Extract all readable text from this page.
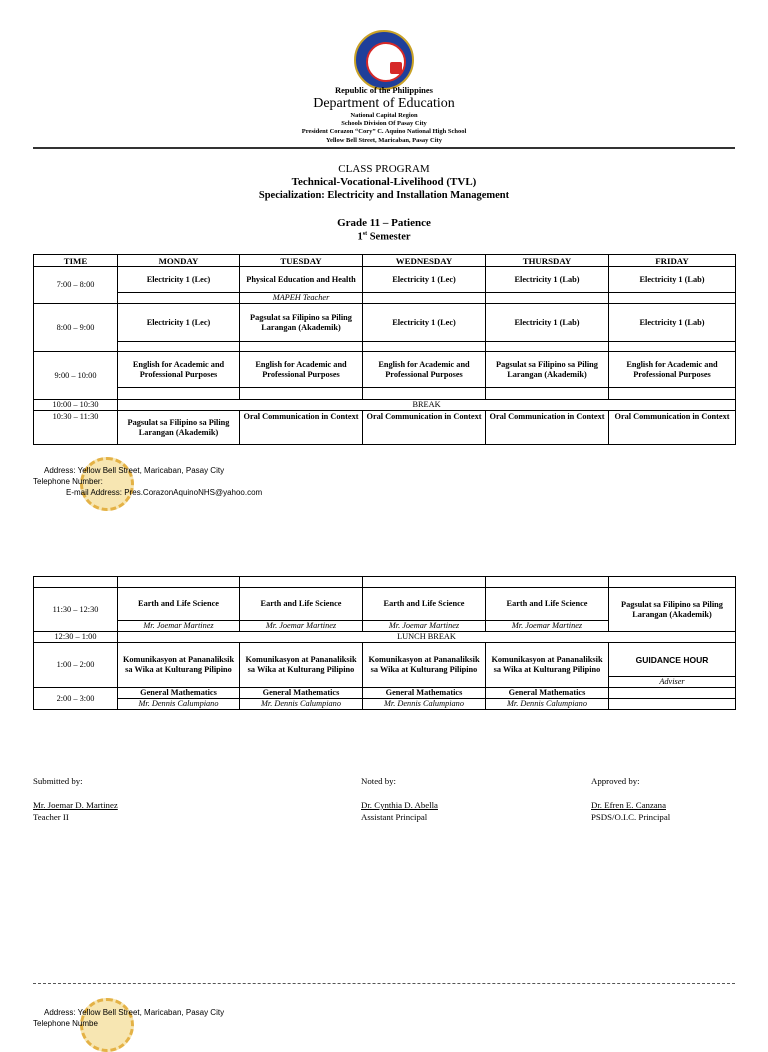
Republic of the Philippines
Department of Education
National Capital Region
Schools Division Of Pasay City
President Corazon “Cory” C. Aquino National High School
Yellow Bell Street, Maricaban, Pasay City
CLASS PROGRAM
Technical-Vocational-Livelihood (TVL)
Specialization: Electricity and Installation Management
Grade 11 – Patience
1st Semester
TIME	MONDAY	TUESDAY	WEDNESDAY	THURSDAY	FRIDAY
7:00 – 8:00	Electricity 1 (Lec)	Physical Education and Health	Electricity 1 (Lec)	Electricity 1 (Lab)	Electricity 1 (Lab)
		MAPEH Teacher			
8:00 – 9:00	Electricity 1 (Lec)	Pagsulat sa Filipino sa Piling Larangan (Akademik)	Electricity 1 (Lec)	Electricity 1 (Lab)	Electricity 1 (Lab)

9:00 – 10:00	English for Academic and Professional Purposes	English for Academic and Professional Purposes	English for Academic and Professional Purposes	Pagsulat sa Filipino sa Piling Larangan (Akademik)	English for Academic and Professional Purposes

10:00 – 10:30	BREAK				
10:30 – 11:30	Pagsulat sa Filipino sa Piling Larangan (Akademik)	Oral Communication in Context	Oral Communication in Context	Oral Communication in Context	Oral Communication in Context
Address: Yellow Bell Street, Maricaban, Pasay City
Telephone Number:
E-mail Address: Pres.CorazonAquinoNHS@yahoo.com

11:30 – 12:30	Earth and Life Science	Earth and Life Science	Earth and Life Science	Earth and Life Science	Pagsulat sa Filipino sa Piling Larangan (Akademik)
	Mr. Joemar Martinez	Mr. Joemar Martinez	Mr. Joemar Martinez	Mr. Joemar Martinez	
12:30 – 1:00	LUNCH BREAK				
1:00 – 2:00	Komunikasyon at Pananaliksik sa Wika at Kulturang Pilipino	Komunikasyon at Pananaliksik sa Wika at Kulturang Pilipino	Komunikasyon at Pananaliksik sa Wika at Kulturang Pilipino	Komunikasyon at Pananaliksik sa Wika at Kulturang Pilipino	GUIDANCE HOUR
					Adviser
2:00 – 3:00	General Mathematics	General Mathematics	General Mathematics	General Mathematics	
	Mr. Dennis Calumpiano	Mr. Dennis Calumpiano	Mr. Dennis Calumpiano	Mr. Dennis Calumpiano	
Submitted by:
Mr. Joemar D. Martinez
Teacher II
Noted by:
Dr. Cynthia D. Abella
Assistant Principal
Approved by:
Dr. Efren E. Canzana
PSDS/O.I.C. Principal
Address: Yellow Bell Street, Maricaban, Pasay City
Telephone Numbe
